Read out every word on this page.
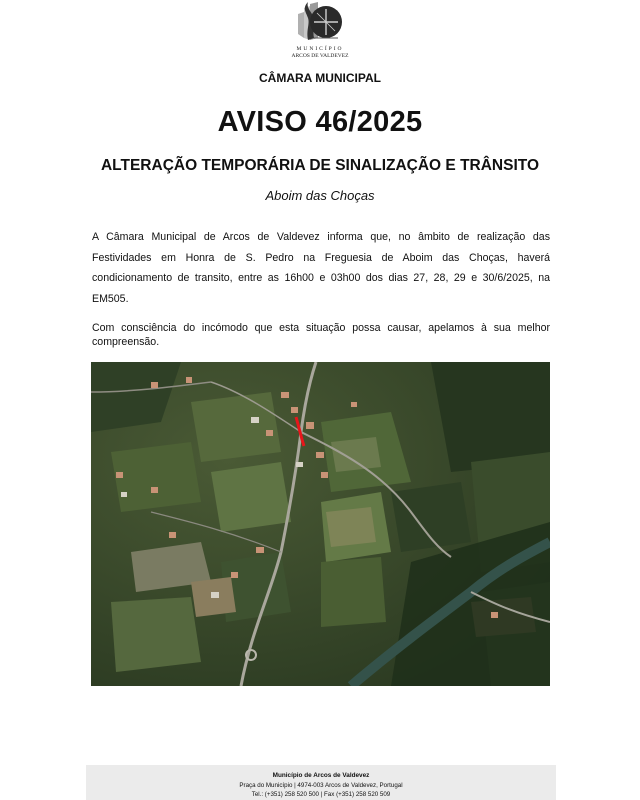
MUNICÍPIO
ARCOS DE VALDEVEZ
CÂMARA MUNICIPAL
AVISO 46/2025
ALTERAÇÃO TEMPORÁRIA DE SINALIZAÇÃO E TRÂNSITO
Aboim das Choças
A Câmara Municipal de Arcos de Valdevez informa que, no âmbito de realização das Festividades em Honra de S. Pedro na Freguesia de Aboim das Choças, haverá condicionamento de transito, entre as 16h00 e 03h00 dos dias 27, 28, 29 e 30/6/2025, na EM505.
Com consciência do incómodo que esta situação possa causar, apelamos à sua melhor compreensão.
Município de Arcos de Valdevez
Praça do Município | 4974-003 Arcos de Valdevez, Portugal
Tel.: (+351) 258 520 500 | Fax (+351) 258 520 509
